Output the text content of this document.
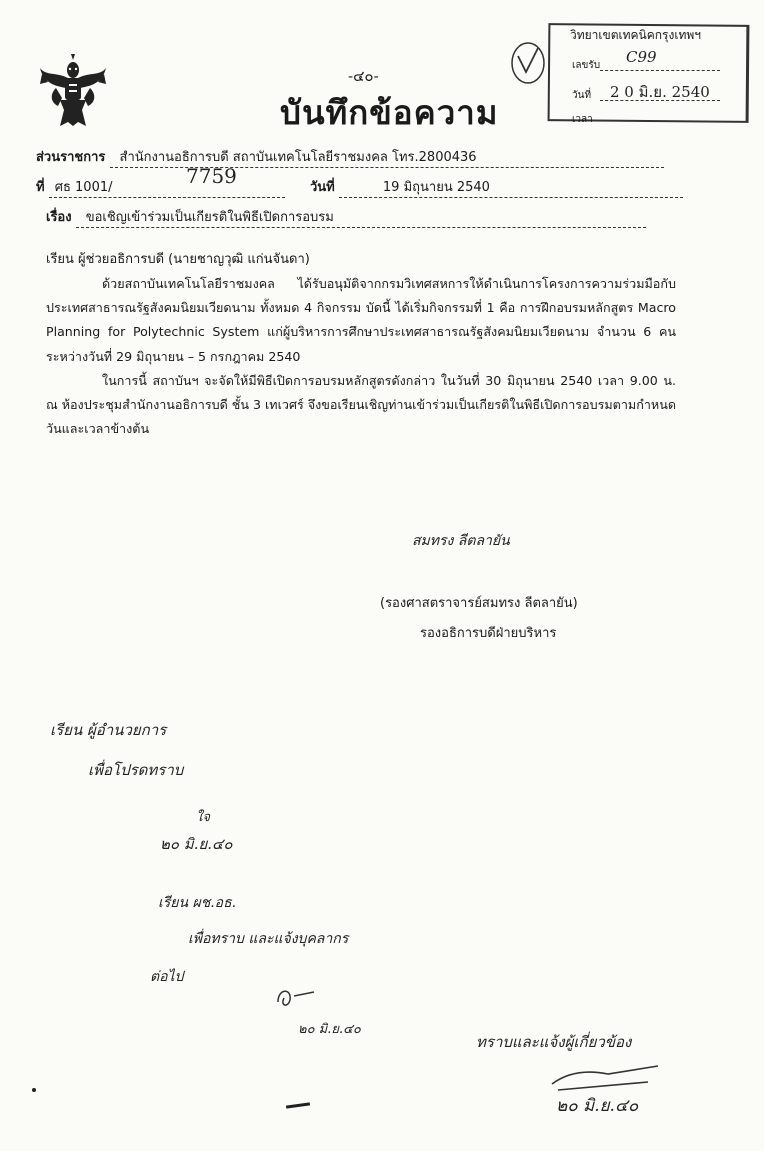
-๔๐-
บันทึกข้อความ
วิทยาเขตเทคนิคกรุงเทพฯ
เลขรับ C99
วันที่ 2 0 มิ.ย. 2540
เวลา
ส่วนราชการ สำนักงานอธิการบดี สถาบันเทคโนโลยีราชมงคล โทร.2800436
ที่ ศธ 1001/	7759	วันที่	19 มิถุนายน 2540
เรื่อง ขอเชิญเข้าร่วมเป็นเกียรติในพิธีเปิดการอบรม
เรียน ผู้ช่วยอธิการบดี (นายชาญวุฒิ แก่นจันดา)

ด้วยสถาบันเทคโนโลยีราชมงคล ได้รับอนุมัติจากกรมวิเทศสหการให้ดำเนินการโครงการความร่วมมือกับประเทศสาธารณรัฐสังคมนิยมเวียดนาม ทั้งหมด 4 กิจกรรม บัดนี้ ได้เริ่มกิจกรรมที่ 1 คือ การฝึกอบรมหลักสูตร Macro Planning for Polytechnic System แก่ผู้บริหารการศึกษาประเทศสาธารณรัฐสังคมนิยมเวียดนาม จำนวน 6 คน ระหว่างวันที่ 29 มิถุนายน – 5 กรกฎาคม 2540

ในการนี้ สถาบันฯ จะจัดให้มีพิธีเปิดการอบรมหลักสูตรดังกล่าว ในวันที่ 30 มิถุนายน 2540 เวลา 9.00 น. ณ ห้องประชุมสำนักงานอธิการบดี ชั้น 3 เทเวศร์ จึงขอเรียนเชิญท่านเข้าร่วมเป็นเกียรติในพิธีเปิดการอบรมตามกำหนด วันและเวลาข้างต้น

สมทรง ลีตลายัน
(รองศาสตราจารย์สมทรง ลีตลายัน)
รองอธิการบดีฝ่ายบริหาร
เรียน ผู้อำนวยการ
เพื่อโปรดทราบ
ใจ
๒๐ มิ.ย.๔๐
เรียน ผช.อธ.
เพื่อทราบ และแจ้งบุคลากร
ต่อไป
๒๐ มิ.ย.๔๐
ทราบและแจ้งผู้เกี่ยวข้อง
๒๐ มิ.ย.๔๐
